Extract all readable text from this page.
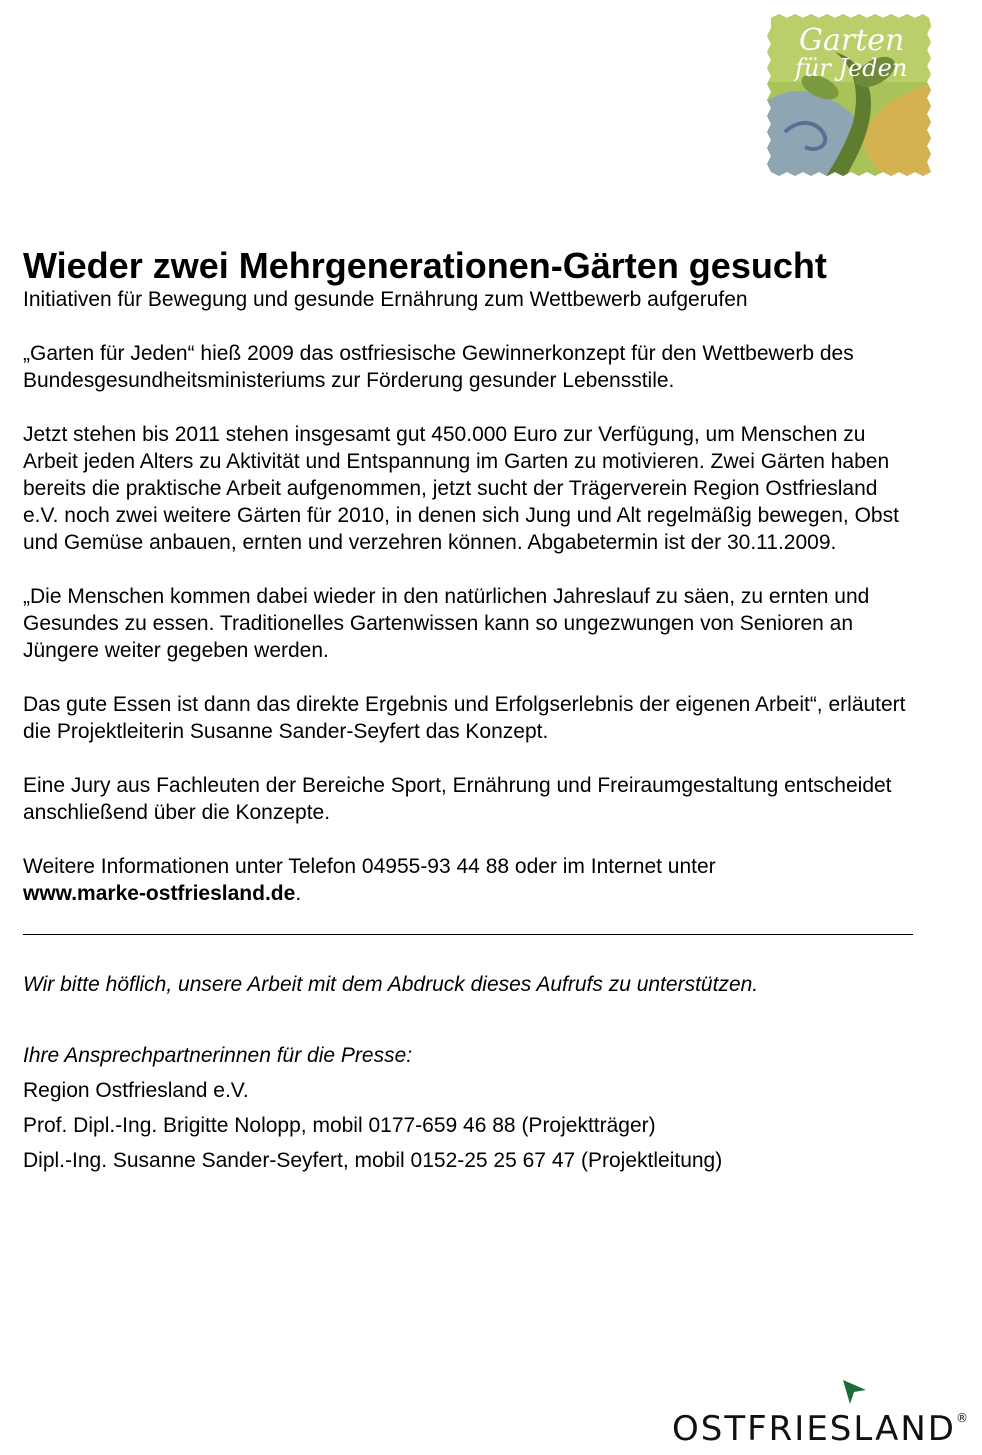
Garten
für Jeden
Wieder zwei Mehrgenerationen-Gärten gesucht

Initiativen für Bewegung und gesunde Ernährung zum Wettbewerb aufgerufen

„Garten für Jeden“ hieß 2009 das ostfriesische Gewinnerkonzept für den Wettbewerb des Bundesgesundheitsministeriums zur Förderung gesunder Lebensstile.

Jetzt stehen bis 2011 stehen insgesamt gut 450.000 Euro zur Verfügung, um Menschen zu Arbeit jeden Alters zu Aktivität und Entspannung im Garten zu motivieren. Zwei Gärten haben bereits die praktische Arbeit aufgenommen, jetzt sucht der Trägerverein Region Ostfriesland e.V. noch zwei weitere Gärten für 2010, in denen sich Jung und Alt regelmäßig bewegen, Obst und Gemüse anbauen, ernten und verzehren können. Abgabetermin ist der 30.11.2009.

„Die Menschen kommen dabei wieder in den natürlichen Jahreslauf zu säen, zu ernten und Gesundes zu essen. Traditionelles Gartenwissen kann so ungezwungen von Senioren an Jüngere weiter gegeben werden.

Das gute Essen ist dann das direkte Ergebnis und Erfolgserlebnis der eigenen Arbeit“, erläutert die Projektleiterin Susanne Sander-Seyfert das Konzept.

Eine Jury aus Fachleuten der Bereiche Sport, Ernährung und Freiraumgestaltung entscheidet anschließend über die Konzepte.

Weitere Informationen unter Telefon 04955-93 44 88 oder im Internet unter
www.marke-ostfriesland.de.

Wir bitte höflich, unsere Arbeit mit dem Abdruck dieses Aufrufs zu unterstützen.

Ihre Ansprechpartnerinnen für die Presse:

Region Ostfriesland e.V.

Prof. Dipl.-Ing. Brigitte Nolopp, mobil 0177-659 46 88 (Projektträger)

Dipl.-Ing. Susanne Sander-Seyfert, mobil 0152-25 25 67 47 (Projektleitung)

OSTFRIESLAND®
